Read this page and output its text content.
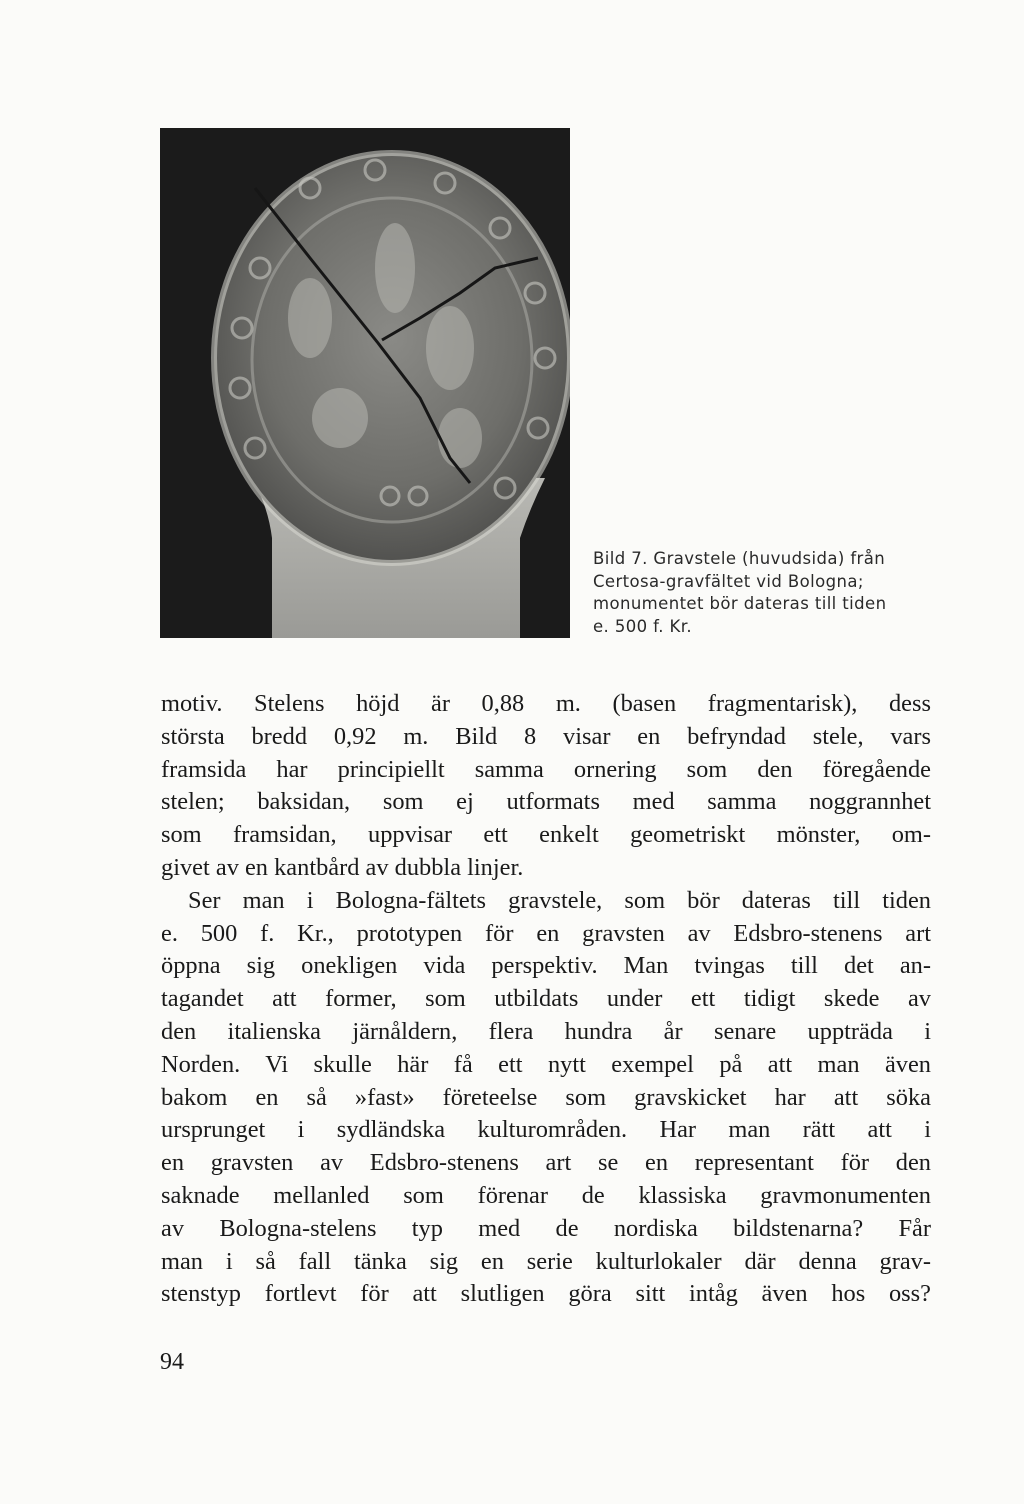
Bild 7. Gravstele (huvudsida) från
Certosa-gravfältet vid Bologna;
monumentet bör dateras till tiden
e. 500 f. Kr.
motiv. Stelens höjd är 0,88 m. (basen fragmentarisk), dess
största bredd 0,92 m. Bild 8 visar en befryndad stele, vars
framsida har principiellt samma ornering som den föregående
stelen; baksidan, som ej utformats med samma noggrannhet
som framsidan, uppvisar ett enkelt geometriskt mönster, om-
givet av en kantbård av dubbla linjer.
Ser man i Bologna-fältets gravstele, som bör dateras till tiden
e. 500 f. Kr., prototypen för en gravsten av Edsbro-stenens art
öppna sig onekligen vida perspektiv. Man tvingas till det an-
tagandet att former, som utbildats under ett tidigt skede av
den italienska järnåldern, flera hundra år senare uppträda i
Norden. Vi skulle här få ett nytt exempel på att man även
bakom en så »fast» företeelse som gravskicket har att söka
ursprunget i sydländska kulturområden. Har man rätt att i
en gravsten av Edsbro-stenens art se en representant för den
saknade mellanled som förenar de klassiska gravmonumenten
av Bologna-stelens typ med de nordiska bildstenarna? Får
man i så fall tänka sig en serie kulturlokaler där denna grav-
stenstyp fortlevt för att slutligen göra sitt intåg även hos oss?
94
